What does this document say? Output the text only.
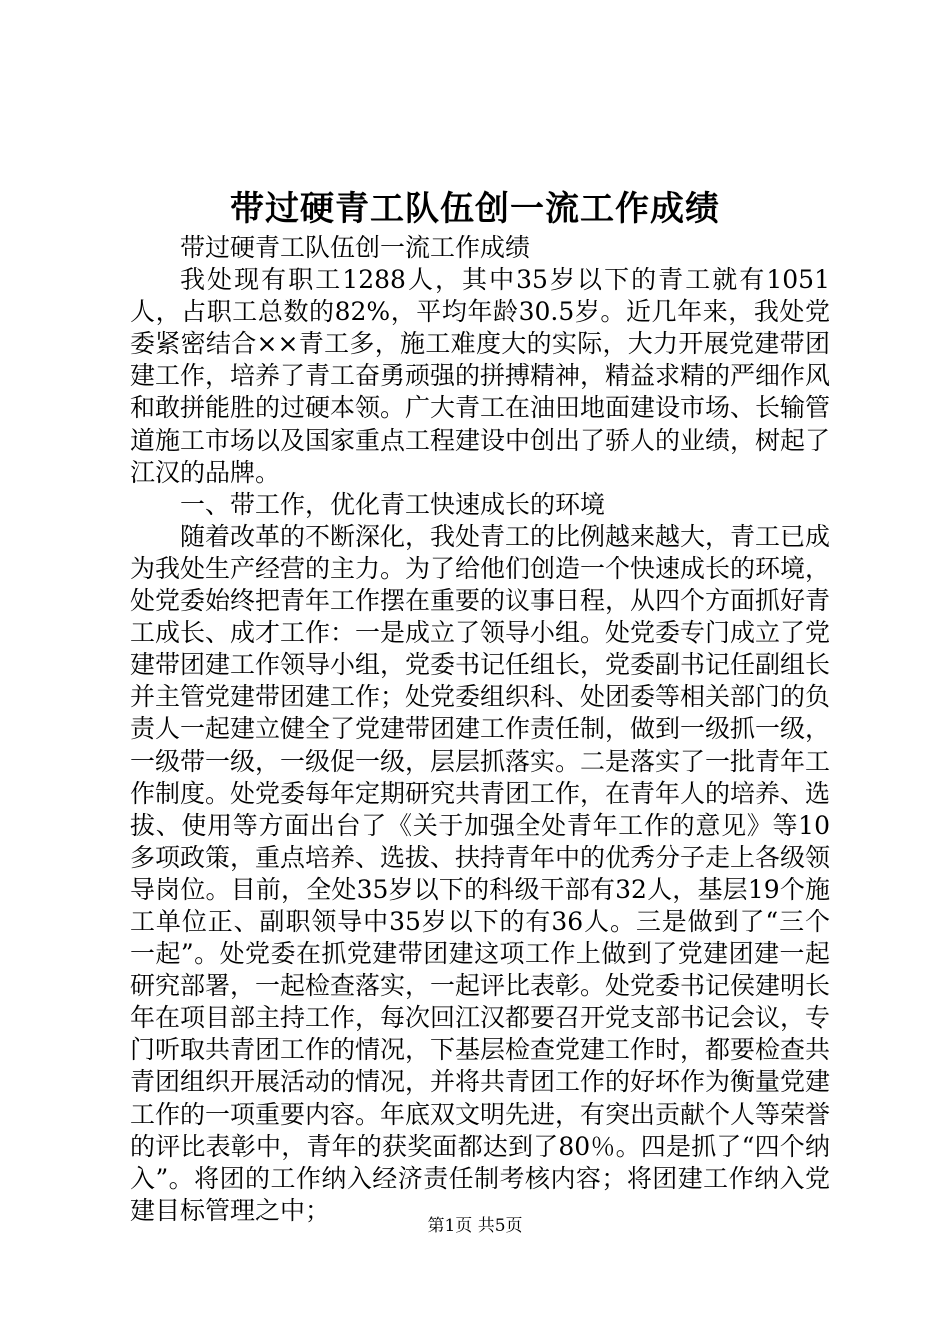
带过硬青工队伍创一流工作成绩

带过硬青工队伍创一流工作成绩

我处现有职工1288人，其中35岁以下的青工就有1051人，占职工总数的82%，平均年龄30.5岁。近几年来，我处党委紧密结合××青工多，施工难度大的实际，大力开展党建带团建工作，培养了青工奋勇顽强的拼搏精神，精益求精的严细作风和敢拼能胜的过硬本领。广大青工在油田地面建设市场、长输管道施工市场以及国家重点工程建设中创出了骄人的业绩，树起了江汉的品牌。

一、带工作，优化青工快速成长的环境

随着改革的不断深化，我处青工的比例越来越大，青工已成为我处生产经营的主力。为了给他们创造一个快速成长的环境，处党委始终把青年工作摆在重要的议事日程，从四个方面抓好青工成长、成才工作：一是成立了领导小组。处党委专门成立了党建带团建工作领导小组，党委书记任组长，党委副书记任副组长并主管党建带团建工作；处党委组织科、处团委等相关部门的负责人一起建立健全了党建带团建工作责任制，做到一级抓一级，一级带一级，一级促一级，层层抓落实。二是落实了一批青年工作制度。处党委每年定期研究共青团工作，在青年人的培养、选拔、使用等方面出台了《关于加强全处青年工作的意见》等10多项政策，重点培养、选拔、扶持青年中的优秀分子走上各级领导岗位。目前，全处35岁以下的科级干部有32人，基层19个施工单位正、副职领导中35岁以下的有36人。三是做到了“三个一起”。处党委在抓党建带团建这项工作上做到了党建团建一起研究部署，一起检查落实，一起评比表彰。处党委书记侯建明长年在项目部主持工作，每次回江汉都要召开党支部书记会议，专门听取共青团工作的情况，下基层检查党建工作时，都要检查共青团组织开展活动的情况，并将共青团工作的好坏作为衡量党建工作的一项重要内容。年底双文明先进，有突出贡献个人等荣誉的评比表彰中，青年的获奖面都达到了80％。四是抓了“四个纳入”。将团的工作纳入经济责任制考核内容；将团建工作纳入党建目标管理之中；

第1页 共5页
